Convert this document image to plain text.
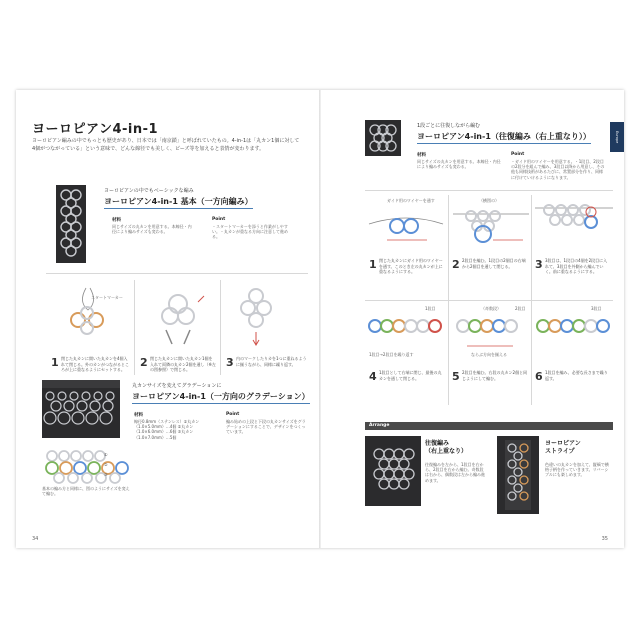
ヨーロピアン4-in-1
ヨーロピアン編みの中でもっとも歴史があり、日本では「南京鎖」と呼ばれていたもの。4-in-1は「丸カン1個に対して4個がつながっている」という意味で、どんな線径でも美しく、ビーズ等を加えると表情が変わります。
ヨーロピアンの中でもベーシックな編み
ヨーロピアン4-in-1 基本（一方向編み）
材料
同じサイズの丸カンを用意する。本線径・内径により編みサイズも変わる。
Point
・スタートマーカーを添うと作業がしやすい。・丸カンが重なる方向に注意して進める。
スタートマーカー
1 閉じた丸カンに開いた丸カンを4個入れて閉じる。外のカンがつながるところが上に重なるようにセットする。
2 閉じた丸カンに開いた丸カン1個を入れて両隣の丸カン2個を通し（※左の図参照）で閉じる。
3 内のマークしたりカを1つに重ねるように揃うながら、同様に繰り返す。
丸カンサイズを変えてグラデーションに
ヨーロピアン4-in-1（一方向のグラデーション）
材料
線径0.8mm（ステンレス）①丸カン（1.0×5.0mm）…4個 ②丸カン（1.0×6.0mm）…6個 ③丸カン（1.0×7.0mm）…5個
Point
編み始めの上段と下段の丸カンサイズをグラデーションにすることで、デザインをつくっています。
①
②
③
基本の編み方と同様に、図のようにサイズを変えて編む。
34
Europe
1段ごとに往復しながら編む
ヨーロピアン4-in-1（往復編み（右上重なり））
材料
同じサイズの丸カンを用意する。本線径・内径により編みサイズも変わる。
Point
・ガイド用のワイヤーを用意する。・1段目、2段目の2段分を組んで編み、3段目以降から用意し、その他も同様技術があるたびに、常置部分を作り、同様に付けていけるようになります。
ガイド用のワイヤーを通す
1 閉じた丸カンにガイド用のワイヤーを通す。このとき左の丸カンが上に重なるようにする。
（横図の）
2 2段目を編む。1段目の2個目の右端から2個目を通して閉じる。	3 3段目は、1段目の4個を2段目に入れて、3段目を外側から編んでいく。前に重なるようにする。
1段目
1段目→2段目を繰り返す
4 1段目として右端に閉じ、最後の丸カンを通して閉じる。
（奇数段）	2段目
ならぶ方向を揃える
5 2段目を編む。右段の丸カン2個と同じようにして編む。
3段目
6 1段目を編み、必要な長さまで繰り返す。
Arrange
往復編み
（右上重なり）
往復編みを左から、1段目を右から、2段目を右から編む。奇数段は右から、偶数段は左から編み進めます。
ヨーロピアン
ストライプ
色違いの丸カンを加えて、縦縞で横格子柄を作っていきます。リバーシブルにも楽しめます。
35
